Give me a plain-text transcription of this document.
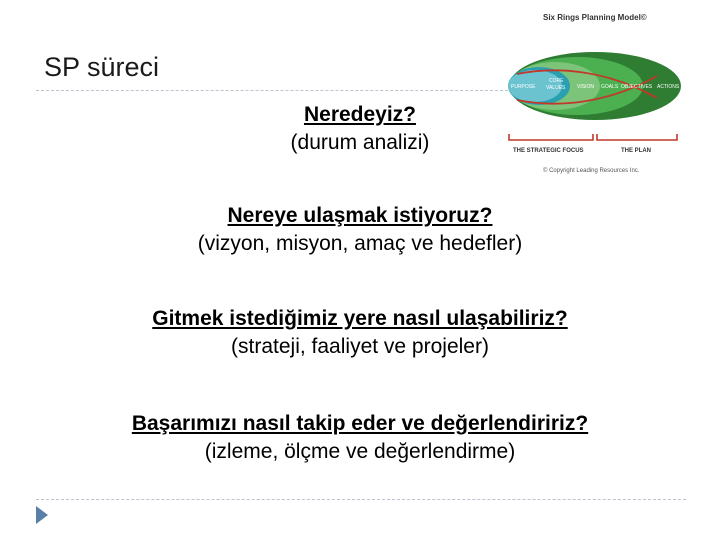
SP süreci
Six Rings Planning Model©
PURPOSE
CORE
VALUES VISION GOALS OBJECTIVES ACTIONS
THE STRATEGIC FOCUS	THE PLAN
© Copyright Leading Resources Inc.
Neredeyiz?
(durum analizi)
Nereye ulaşmak istiyoruz?
(vizyon, misyon, amaç ve hedefler)
Gitmek istediğimiz yere nasıl ulaşabiliriz?
(strateji, faaliyet ve projeler)
Başarımızı nasıl takip eder ve değerlendiririz?
(izleme, ölçme ve değerlendirme)
